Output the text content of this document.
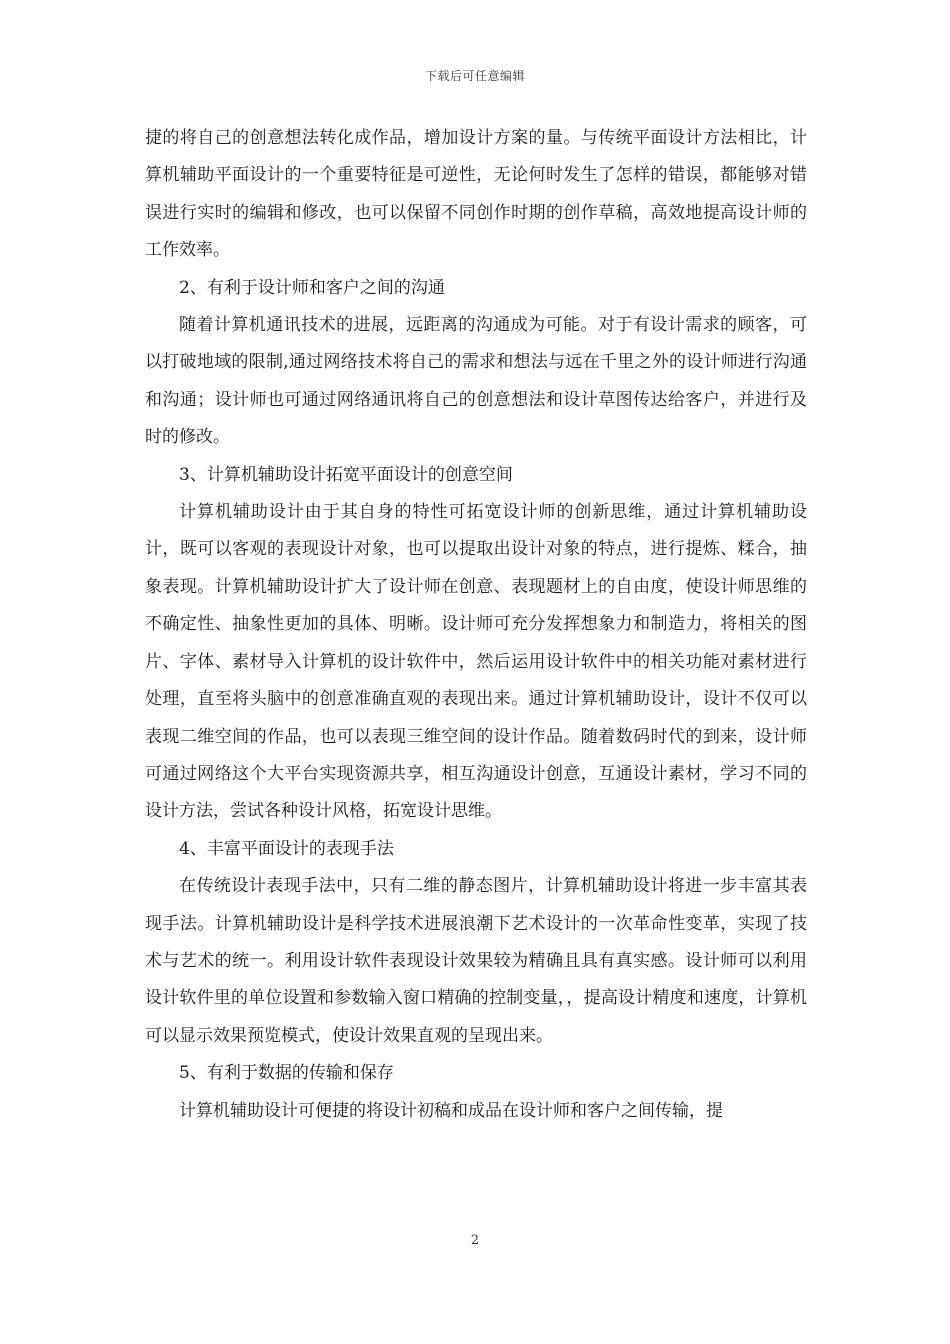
下载后可任意编辑

捷的将自己的创意想法转化成作品，增加设计方案的量。与传统平面设计方法相比，计算机辅助平面设计的一个重要特征是可逆性，无论何时发生了怎样的错误，都能够对错误进行实时的编辑和修改，也可以保留不同创作时期的创作草稿，高效地提高设计师的工作效率。

2、有利于设计师和客户之间的沟通

随着计算机通讯技术的进展，远距离的沟通成为可能。对于有设计需求的顾客，可以打破地域的限制,通过网络技术将自己的需求和想法与远在千里之外的设计师进行沟通和沟通；设计师也可通过网络通讯将自己的创意想法和设计草图传达给客户，并进行及时的修改。

3、计算机辅助设计拓宽平面设计的创意空间

计算机辅助设计由于其自身的特性可拓宽设计师的创新思维，通过计算机辅助设计，既可以客观的表现设计对象，也可以提取出设计对象的特点，进行提炼、糅合，抽象表现。计算机辅助设计扩大了设计师在创意、表现题材上的自由度，使设计师思维的不确定性、抽象性更加的具体、明晰。设计师可充分发挥想象力和制造力，将相关的图片、字体、素材导入计算机的设计软件中，然后运用设计软件中的相关功能对素材进行处理，直至将头脑中的创意准确直观的表现出来。通过计算机辅助设计，设计不仅可以表现二维空间的作品，也可以表现三维空间的设计作品。随着数码时代的到来，设计师可通过网络这个大平台实现资源共享，相互沟通设计创意，互通设计素材，学习不同的设计方法，尝试各种设计风格，拓宽设计思维。

4、丰富平面设计的表现手法

在传统设计表现手法中，只有二维的静态图片，计算机辅助设计将进一步丰富其表现手法。计算机辅助设计是科学技术进展浪潮下艺术设计的一次革命性变革，实现了技术与艺术的统一。利用设计软件表现设计效果较为精确且具有真实感。设计师可以利用设计软件里的单位设置和参数输入窗口精确的控制变量，，提高设计精度和速度，计算机可以显示效果预览模式，使设计效果直观的呈现出来。

5、有利于数据的传输和保存

计算机辅助设计可便捷的将设计初稿和成品在设计师和客户之间传输，提

2
